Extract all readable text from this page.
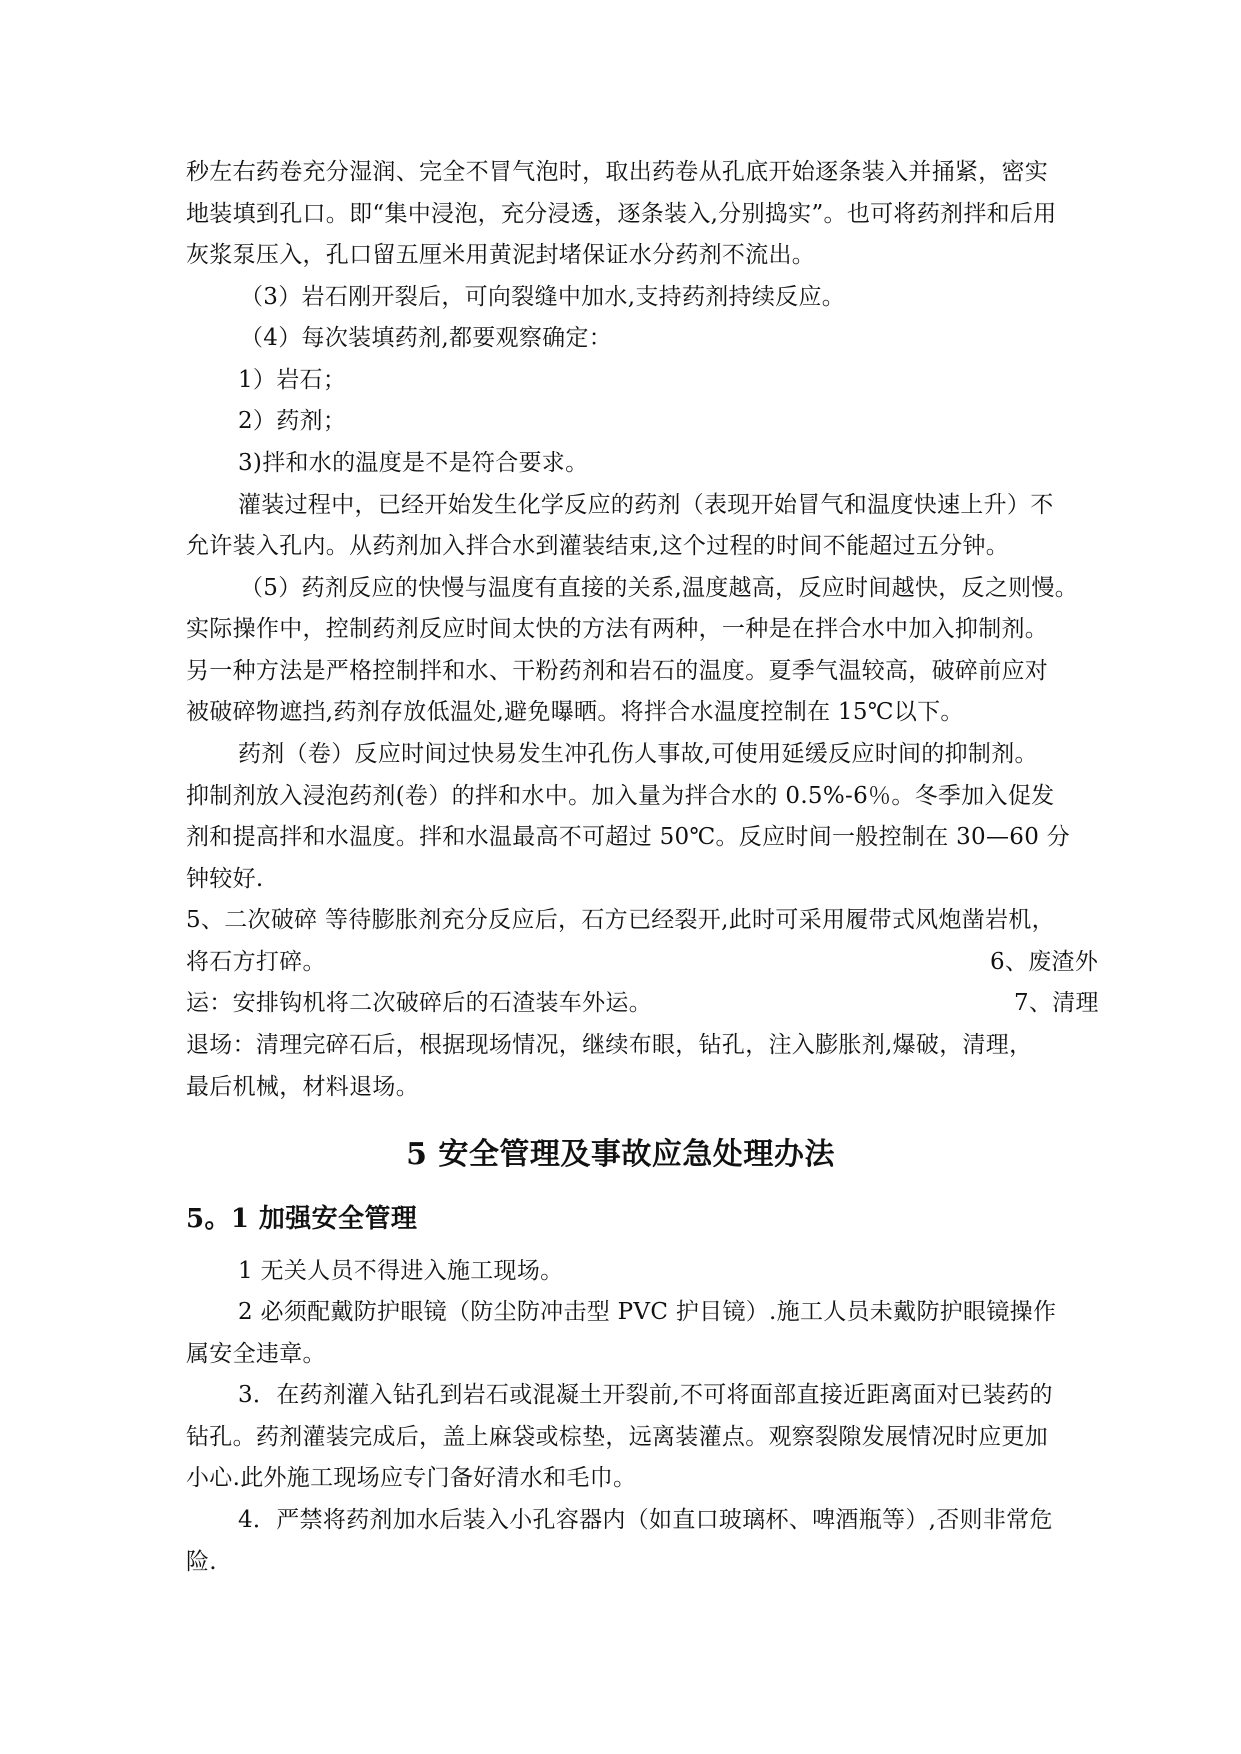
秒左右药卷充分湿润、完全不冒气泡时，取出药卷从孔底开始逐条装入并捅紧，密实
地装填到孔口。即“集中浸泡，充分浸透，逐条装入,分别捣实”。也可将药剂拌和后用
灰浆泵压入，孔口留五厘米用黄泥封堵保证水分药剂不流出。
（3）岩石刚开裂后，可向裂缝中加水,支持药剂持续反应。
（4）每次装填药剂,都要观察确定：
1）岩石；
2）药剂；
3)拌和水的温度是不是符合要求。
灌装过程中，已经开始发生化学反应的药剂（表现开始冒气和温度快速上升）不
允许装入孔内。从药剂加入拌合水到灌装结束,这个过程的时间不能超过五分钟。
（5）药剂反应的快慢与温度有直接的关系,温度越高，反应时间越快，反之则慢。
实际操作中，控制药剂反应时间太快的方法有两种，一种是在拌合水中加入抑制剂。
另一种方法是严格控制拌和水、干粉药剂和岩石的温度。夏季气温较高，破碎前应对
被破碎物遮挡,药剂存放低温处,避免曝晒。将拌合水温度控制在 15℃以下。
药剂（卷）反应时间过快易发生冲孔伤人事故,可使用延缓反应时间的抑制剂。
抑制剂放入浸泡药剂(卷）的拌和水中。加入量为拌合水的 0.5%-6％。冬季加入促发
剂和提高拌和水温度。拌和水温最高不可超过 50℃。反应时间一般控制在 30—60 分
钟较好.
5、二次破碎 等待膨胀剂充分反应后，石方已经裂开,此时可采用履带式风炮凿岩机，
将石方打碎。	6、废渣外
运：安排钩机将二次破碎后的石渣装车外运。	7、清理
退场：清理完碎石后，根据现场情况，继续布眼，钻孔，注入膨胀剂,爆破，清理，
最后机械，材料退场。
5 安全管理及事故应急处理办法
5。1 加强安全管理
1 无关人员不得进入施工现场。
2 必须配戴防护眼镜（防尘防冲击型 PVC 护目镜）.施工人员未戴防护眼镜操作
属安全违章。
3．在药剂灌入钻孔到岩石或混凝土开裂前,不可将面部直接近距离面对已装药的
钻孔。药剂灌装完成后，盖上麻袋或棕垫，远离装灌点。观察裂隙发展情况时应更加
小心.此外施工现场应专门备好清水和毛巾。
4．严禁将药剂加水后装入小孔容器内（如直口玻璃杯、啤酒瓶等）,否则非常危
险.
